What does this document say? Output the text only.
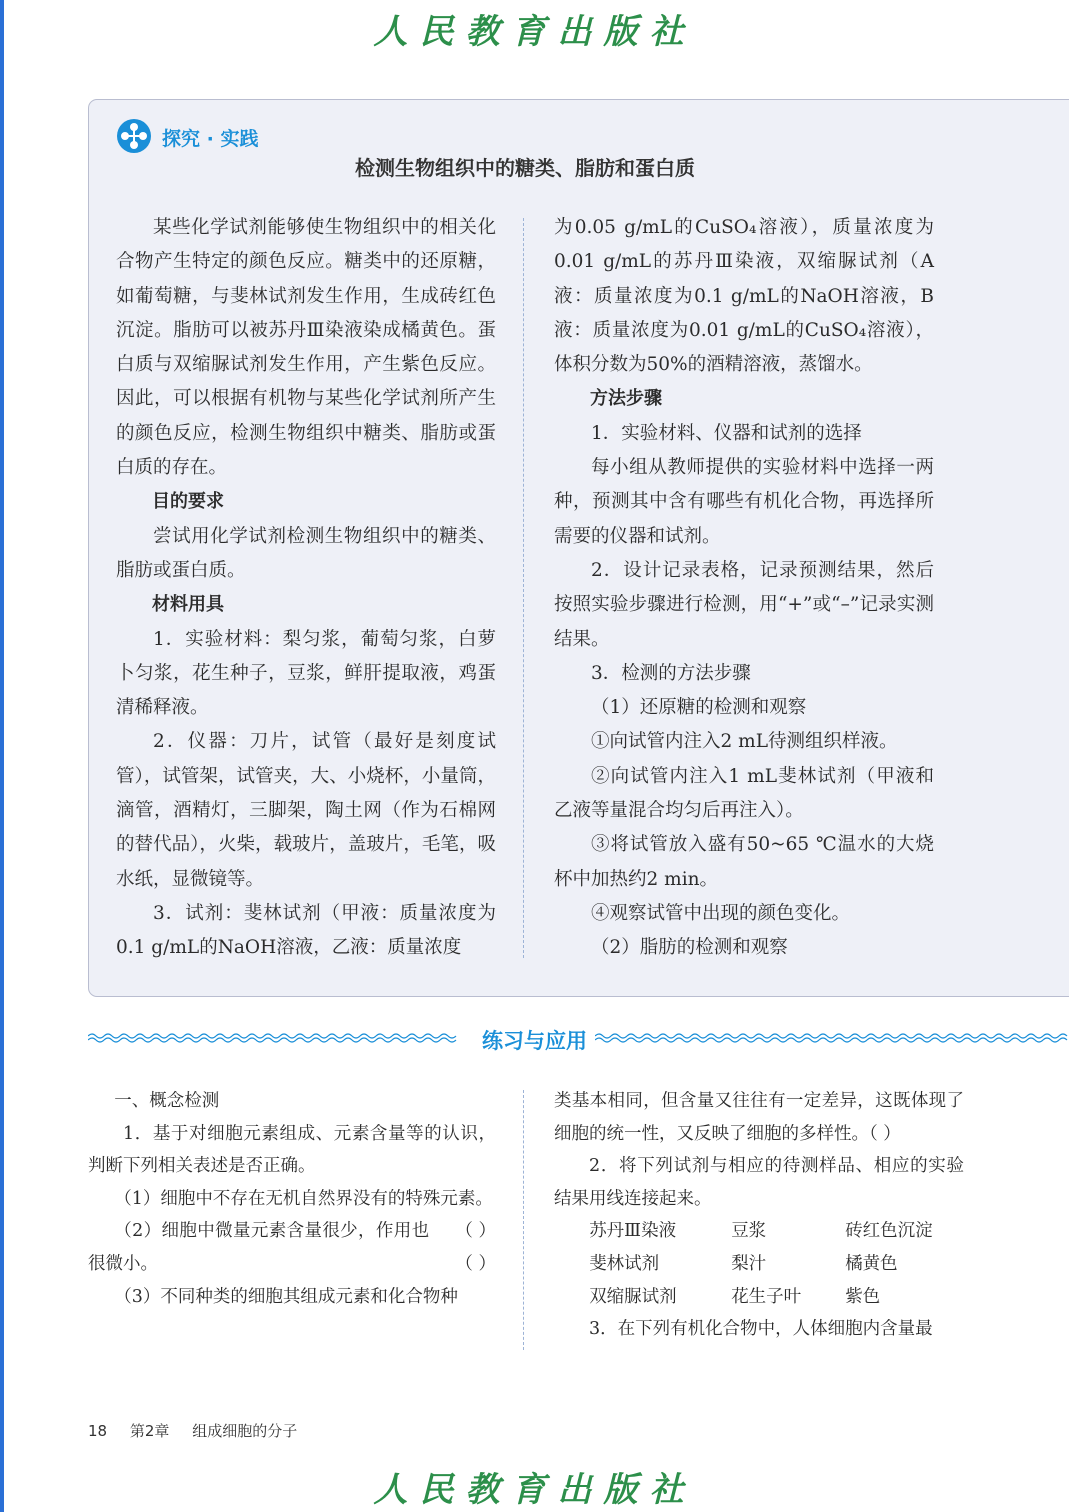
人民教育出版社
探究 · 实践
检测生物组织中的糖类、脂肪和蛋白质

某些化学试剂能够使生物组织中的相关化合物产生特定的颜色反应。糖类中的还原糖，如葡萄糖，与斐林试剂发生作用，生成砖红色沉淀。脂肪可以被苏丹Ⅲ染液染成橘黄色。蛋白质与双缩脲试剂发生作用，产生紫色反应。因此，可以根据有机物与某些化学试剂所产生的颜色反应，检测生物组织中糖类、脂肪或蛋白质的存在。

目的要求

尝试用化学试剂检测生物组织中的糖类、脂肪或蛋白质。

材料用具

1．实验材料：梨匀浆，葡萄匀浆，白萝卜匀浆，花生种子，豆浆，鲜肝提取液，鸡蛋清稀释液。

2．仪器：刀片，试管（最好是刻度试管），试管架，试管夹，大、小烧杯，小量筒，滴管，酒精灯，三脚架，陶土网（作为石棉网的替代品），火柴，载玻片，盖玻片，毛笔，吸水纸，显微镜等。

3．试剂：斐林试剂（甲液：质量浓度为0.1 g/mL的NaOH溶液，乙液：质量浓度

为0.05 g/mL的CuSO₄溶液），质量浓度为0.01 g/mL的苏丹Ⅲ染液，双缩脲试剂（A液：质量浓度为0.1 g/mL的NaOH溶液，B液：质量浓度为0.01 g/mL的CuSO₄溶液），体积分数为50%的酒精溶液，蒸馏水。

方法步骤

1．实验材料、仪器和试剂的选择

每小组从教师提供的实验材料中选择一两种，预测其中含有哪些有机化合物，再选择所需要的仪器和试剂。

2．设计记录表格，记录预测结果，然后按照实验步骤进行检测，用“+”或“–”记录实测结果。

3．检测的方法步骤

（1）还原糖的检测和观察

①向试管内注入2 mL待测组织样液。

②向试管内注入1 mL斐林试剂（甲液和乙液等量混合均匀后再注入）。

③将试管放入盛有50~65 ℃温水的大烧杯中加热约2 min。

④观察试管中出现的颜色变化。

（2）脂肪的检测和观察

练习与应用

一、概念检测

1．基于对细胞元素组成、元素含量等的认识，判断下列相关表述是否正确。

（1）细胞中不存在无机自然界没有的特殊元素。
（ ）

（2）细胞中微量元素含量很少，作用也很微小。	（ ）

（3）不同种类的细胞其组成元素和化合物种

类基本相同，但含量又往往有一定差异，这既体现了细胞的统一性，又反映了细胞的多样性。（ ）

2．将下列试剂与相应的待测样品、相应的实验结果用线连接起来。

苏丹Ⅲ染液	豆浆	砖红色沉淀
斐林试剂	梨汁	橘黄色
双缩脲试剂	花生子叶	紫色

3．在下列有机化合物中，人体细胞内含量最

18 第2章 组成细胞的分子
人民教育出版社
